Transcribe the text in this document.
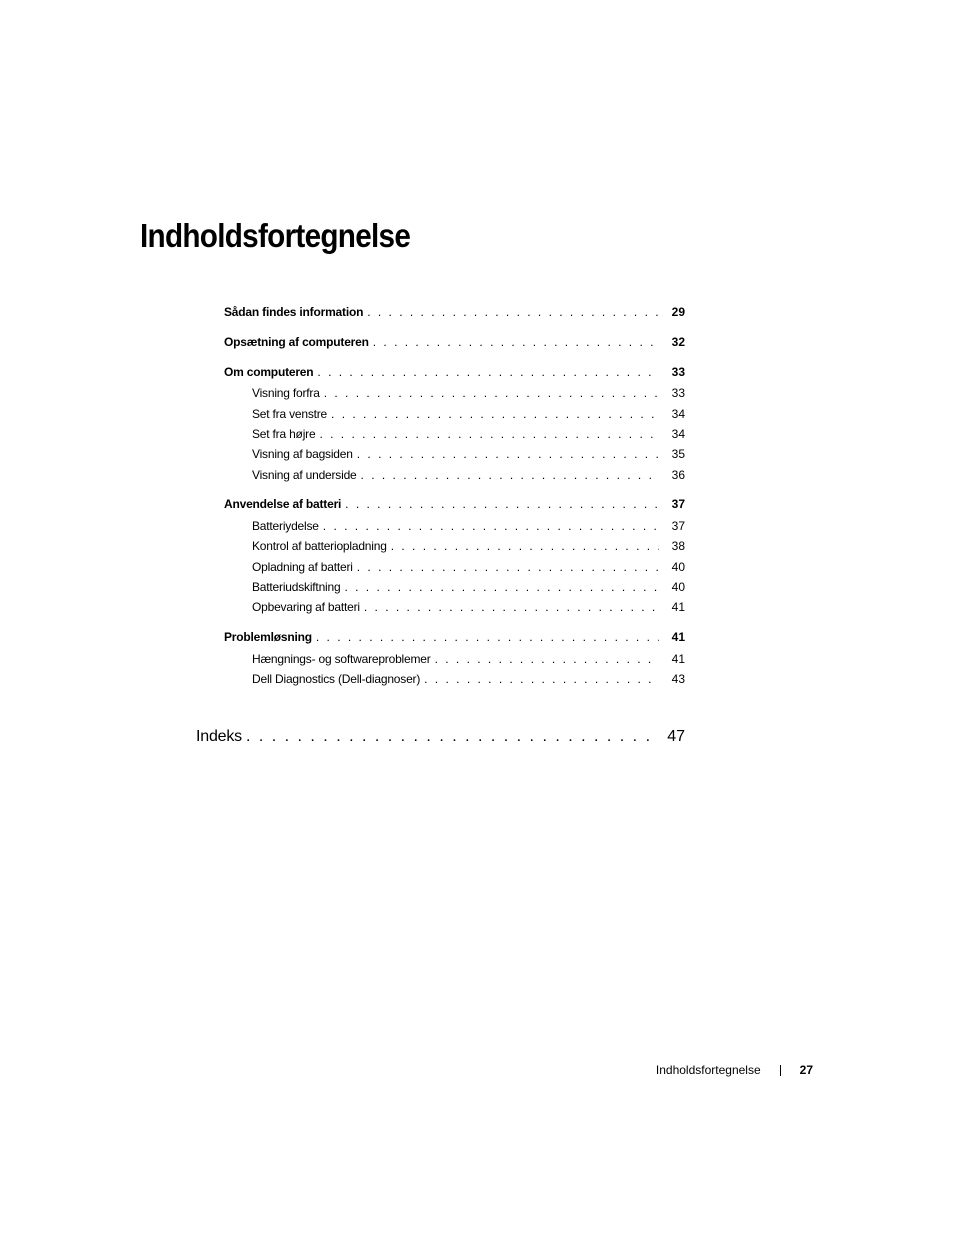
Indholdsfortegnelse
Sådan findes information . . .	29
Opsætning af computeren . . .	32
Om computeren . . .	33
Visning forfra . . .	33
Set fra venstre . . .	34
Set fra højre . . .	34
Visning af bagsiden . . .	35
Visning af underside . . .	36
Anvendelse af batteri . . .	37
Batteriydelse . . .	37
Kontrol af batteriopladning . . .	38
Opladning af batteri . . .	40
Batteriudskiftning . . .	40
Opbevaring af batteri . . .	41
Problemløsning . . .	41
Hængnings- og softwareproblemer . . .	41
Dell Diagnostics (Dell-diagnoser) . . .	43
Indeks . . .	47
Indholdsfortegnelse	27
